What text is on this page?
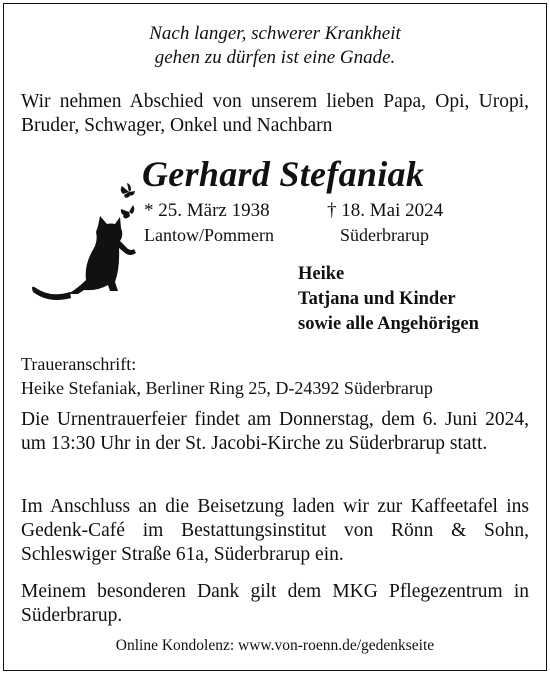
Nach langer, schwerer Krankheit
gehen zu dürfen ist eine Gnade.
Wir nehmen Abschied von unserem lieben Papa, Opi, Uropi, Bruder, Schwager, Onkel und Nachbarn
Gerhard Stefaniak
* 25. März 1938
Lantow/Pommern
† 18. Mai 2024
Süderbrarup
Heike
Tatjana und Kinder
sowie alle Angehörigen
Traueranschrift:
Heike Stefaniak, Berliner Ring 25, D-24392 Süderbrarup
Die Urnentrauerfeier findet am Donnerstag, dem 6. Juni 2024, um 13:30 Uhr in der St. Jacobi-Kirche zu Süderbrarup statt.
Im Anschluss an die Beisetzung laden wir zur Kaffeetafel ins Gedenk-Café im Bestattungsinstitut von Rönn & Sohn, Schleswiger Straße 61a, Süderbrarup ein.
Meinem besonderen Dank gilt dem MKG Pflegezentrum in Süderbrarup.
Online Kondolenz: www.von-roenn.de/gedenkseite
